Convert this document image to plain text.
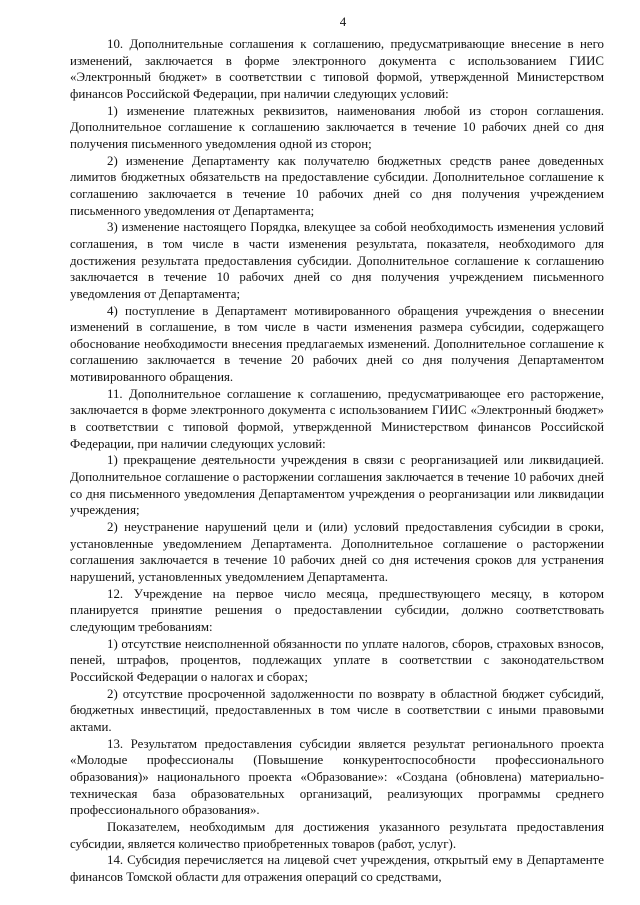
4

10. Дополнительные соглашения к соглашению, предусматривающие внесение в него изменений, заключается в форме электронного документа с использованием ГИИС «Электронный бюджет» в соответствии с типовой формой, утвержденной Министерством финансов Российской Федерации, при наличии следующих условий:

1) изменение платежных реквизитов, наименования любой из сторон соглашения. Дополнительное соглашение к соглашению заключается в течение 10 рабочих дней со дня получения письменного уведомления одной из сторон;

2) изменение Департаменту как получателю бюджетных средств ранее доведенных лимитов бюджетных обязательств на предоставление субсидии. Дополнительное соглашение к соглашению заключается в течение 10 рабочих дней со дня получения учреждением письменного уведомления от Департамента;

3) изменение настоящего Порядка, влекущее за собой необходимость изменения условий соглашения, в том числе в части изменения результата, показателя, необходимого для достижения результата предоставления субсидии. Дополнительное соглашение к соглашению заключается в течение 10 рабочих дней со дня получения учреждением письменного уведомления от Департамента;

4) поступление в Департамент мотивированного обращения учреждения о внесении изменений в соглашение, в том числе в части изменения размера субсидии, содержащего обоснование необходимости внесения предлагаемых изменений. Дополнительное соглашение к соглашению заключается в течение 20 рабочих дней со дня получения Департаментом мотивированного обращения.

11. Дополнительное соглашение к соглашению, предусматривающее его расторжение, заключается в форме электронного документа с использованием ГИИС «Электронный бюджет» в соответствии с типовой формой, утвержденной Министерством финансов Российской Федерации, при наличии следующих условий:

1) прекращение деятельности учреждения в связи с реорганизацией или ликвидацией. Дополнительное соглашение о расторжении соглашения заключается в течение 10 рабочих дней со дня письменного уведомления Департаментом учреждения о реорганизации или ликвидации учреждения;

2) неустранение нарушений цели и (или) условий предоставления субсидии в сроки, установленные уведомлением Департамента. Дополнительное соглашение о расторжении соглашения заключается в течение 10 рабочих дней со дня истечения сроков для устранения нарушений, установленных уведомлением Департамента.

12. Учреждение на первое число месяца, предшествующего месяцу, в котором планируется принятие решения о предоставлении субсидии, должно соответствовать следующим требованиям:

1) отсутствие неисполненной обязанности по уплате налогов, сборов, страховых взносов, пеней, штрафов, процентов, подлежащих уплате в соответствии с законодательством Российской Федерации о налогах и сборах;

2) отсутствие просроченной задолженности по возврату в областной бюджет субсидий, бюджетных инвестиций, предоставленных в том числе в соответствии с иными правовыми актами.

13. Результатом предоставления субсидии является результат регионального проекта «Молодые профессионалы (Повышение конкурентоспособности профессионального образования)» национального проекта «Образование»: «Создана (обновлена) материально-техническая база образовательных организаций, реализующих программы среднего профессионального образования».

Показателем, необходимым для достижения указанного результата предоставления субсидии, является количество приобретенных товаров (работ, услуг).

14. Субсидия перечисляется на лицевой счет учреждения, открытый ему в Департаменте финансов Томской области для отражения операций со средствами,
